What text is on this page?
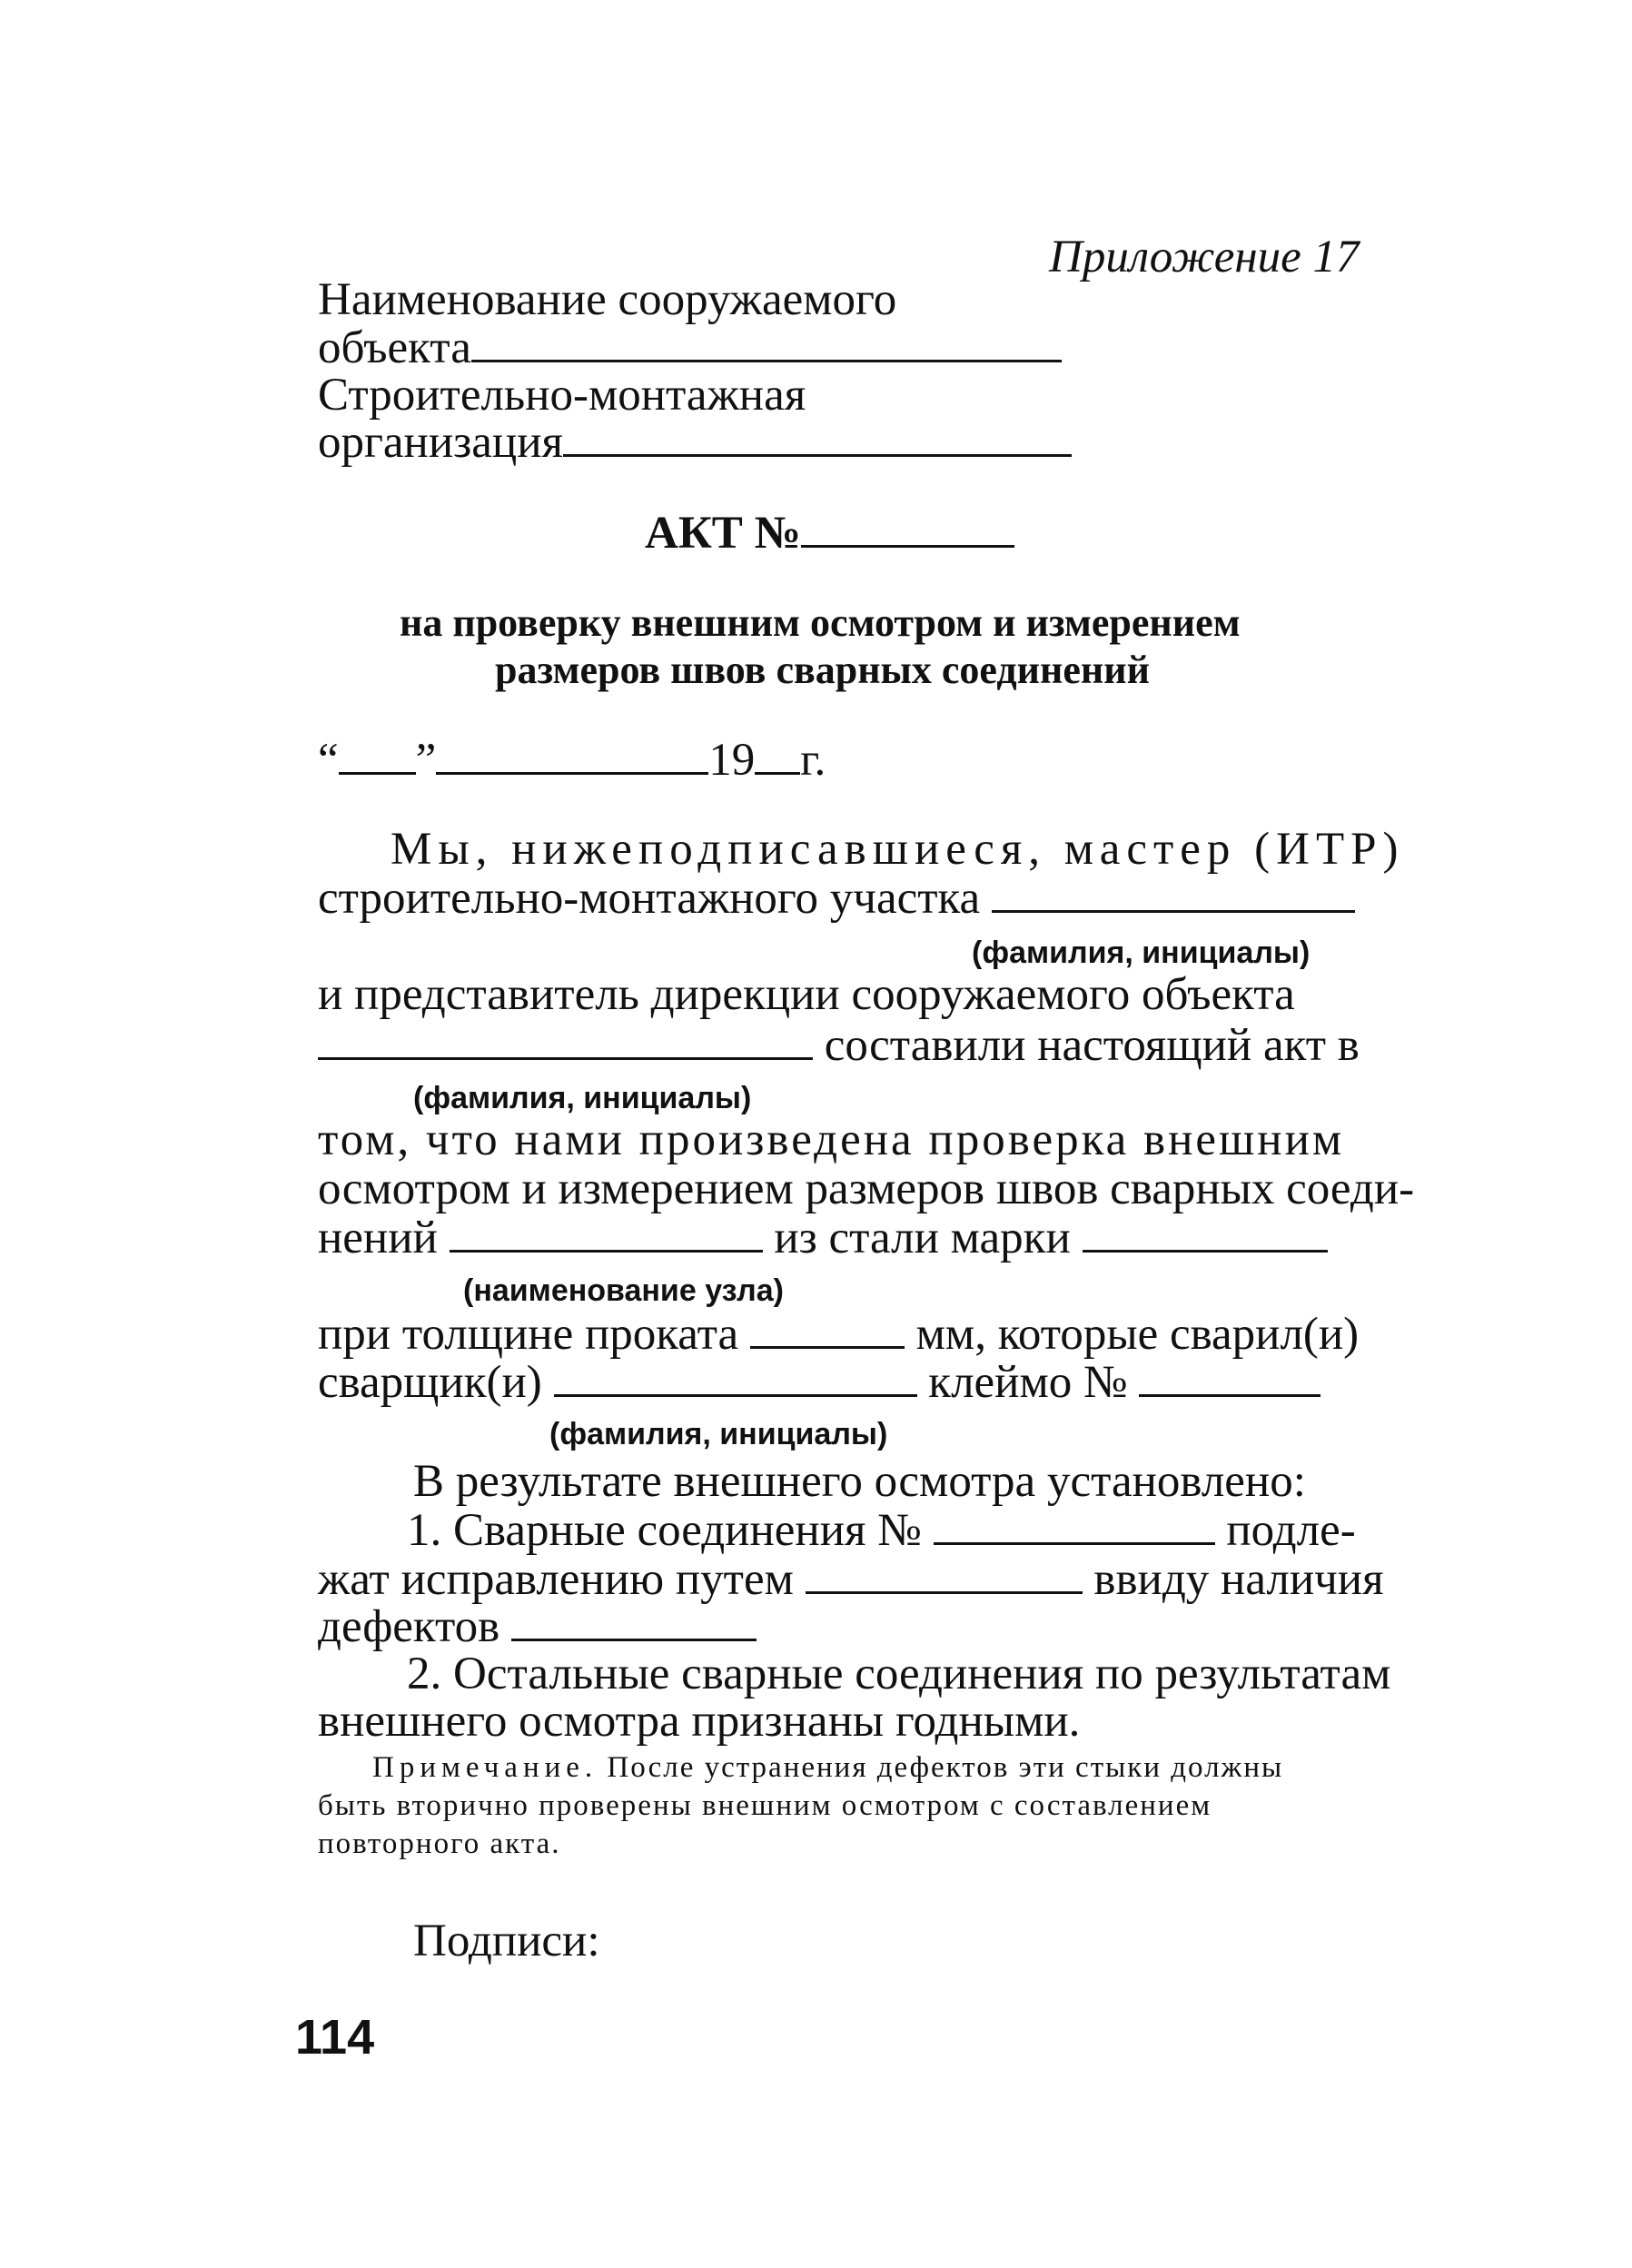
Приложение 17
Наименование сооружаемого
объекта
Строительно-монтажная
организация
АКТ №
на проверку внешним осмотром и измерением
размеров швов сварных соединений
“ ”	19 г.
Мы, нижеподписавшиеся, мастер (ИТР)
строительно-монтажного участка
(фамилия, инициалы)
и представитель дирекции сооружаемого объекта
составили настоящий акт в
(фамилия, инициалы)
том, что нами произведена проверка внешним
осмотром и измерением размеров швов сварных соеди-
нений	из стали марки
(наименование узла)
при толщине проката	мм, которые сварил(и)
сварщик(и)	клеймо №
(фамилия, инициалы)
В результате внешнего осмотра установлено:
1. Сварные соединения №	подле-
жат исправлению путем	ввиду наличия
дефектов
2. Остальные сварные соединения по результатам
внешнего осмотра признаны годными.
Примечание. После устранения дефектов эти стыки должны
быть вторично проверены внешним осмотром с составлением
повторного акта.
Подписи:
114
